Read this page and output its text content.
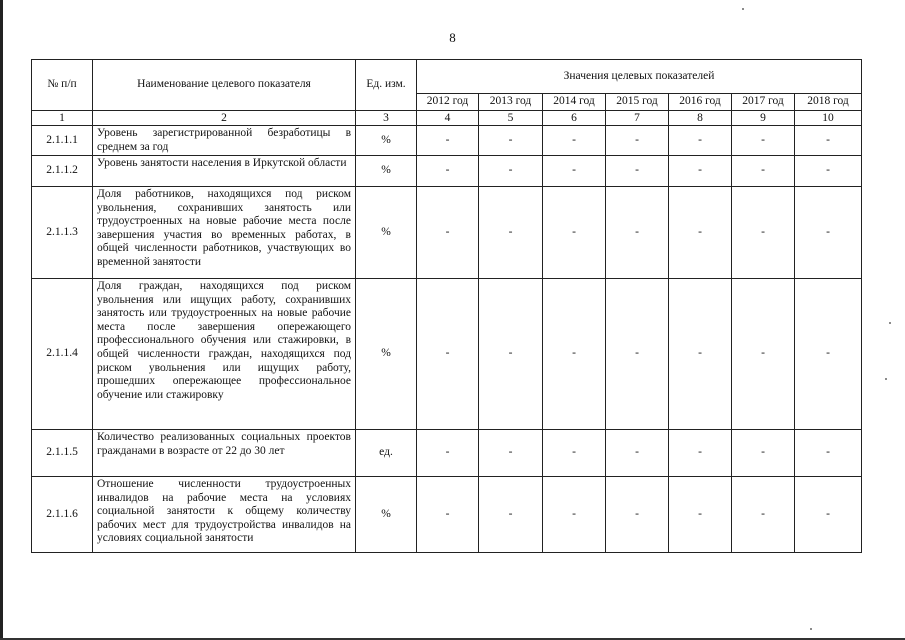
8
№ п/п	Наименование целевого показателя	Ед. изм.	Значения целевых показателей						
			2012 год	2013 год	2014 год	2015 год	2016 год	2017 год	2018 год
1	2	3	4	5	6	7	8	9	10
2.1.1.1	Уровень зарегистрированной безработицы в среднем за год	%	-	-	-	-	-	-	-
2.1.1.2	Уровень занятости населения в Иркутской области	%	-	-	-	-	-	-	-
2.1.1.3	Доля работников, находящихся под риском увольнения, сохранивших занятость или трудоустроенных на новые рабочие места после завершения участия во временных работах, в общей численности работников, участвующих во временной занятости	%	-	-	-	-	-	-	-
2.1.1.4	Доля граждан, находящихся под риском увольнения или ищущих работу, сохранивших занятость или трудоустроенных на новые рабочие места после завершения опережающего профессионального обучения или стажировки, в общей численности граждан, находящихся под риском увольнения или ищущих работу, прошедших опережающее профессиональное обучение или стажировку	%	-	-	-	-	-	-	-
2.1.1.5	Количество реализованных социальных проектов гражданами в возрасте от 22 до 30 лет	ед.	-	-	-	-	-	-	-
2.1.1.6	Отношение численности трудоустроенных инвалидов на рабочие места на условиях социальной занятости к общему количеству рабочих мест для трудоустройства инвалидов на условиях социальной занятости	%	-	-	-	-	-	-	-
